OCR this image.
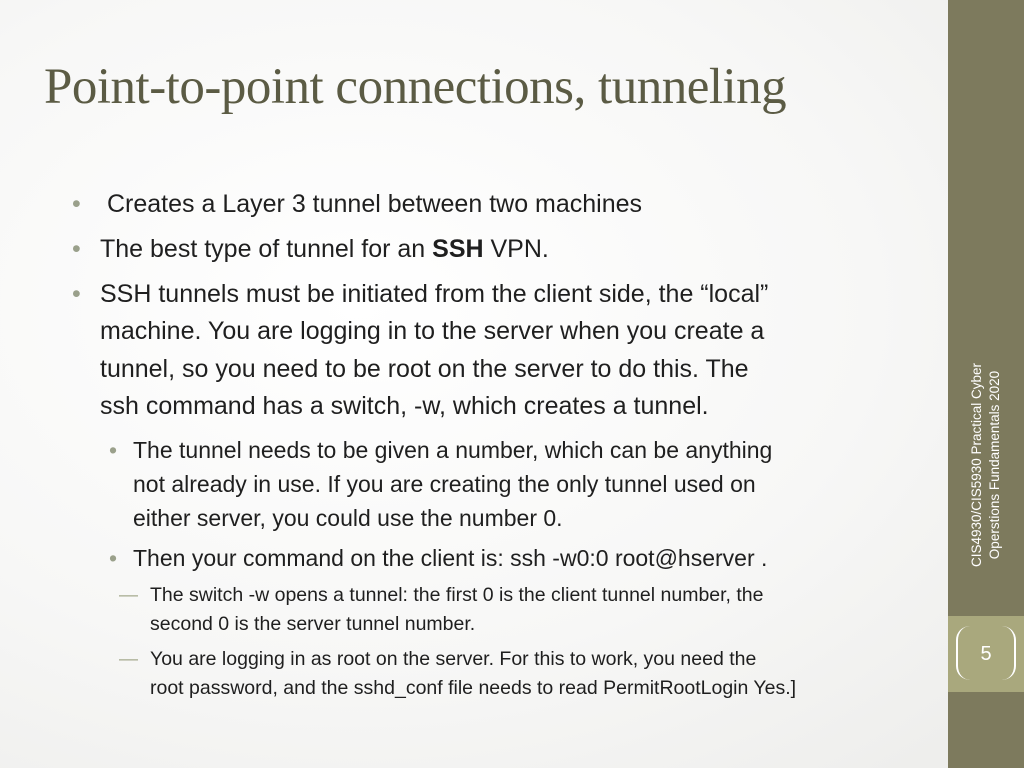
Point-to-point connections, tunneling
• Creates a Layer 3 tunnel between two machines
• The best type of tunnel for an SSH VPN.
• SSH tunnels must be initiated from the client side, the “local”
machine. You are logging in to the server when you create a
tunnel, so you need to be root on the server to do this. The
ssh command has a switch, -w, which creates a tunnel.
• The tunnel needs to be given a number, which can be anything
not already in use. If you are creating the only tunnel used on
either server, you could use the number 0.
• Then your command on the client is: ssh -w0:0 root@hserver .
— The switch -w opens a tunnel: the first 0 is the client tunnel number, the
second 0 is the server tunnel number.
— You are logging in as root on the server. For this to work, you need the
root password, and the sshd_conf file needs to read PermitRootLogin Yes.]
CIS4930/CIS5930 Practical Cyber Operstions Fundamentals 2020
5
